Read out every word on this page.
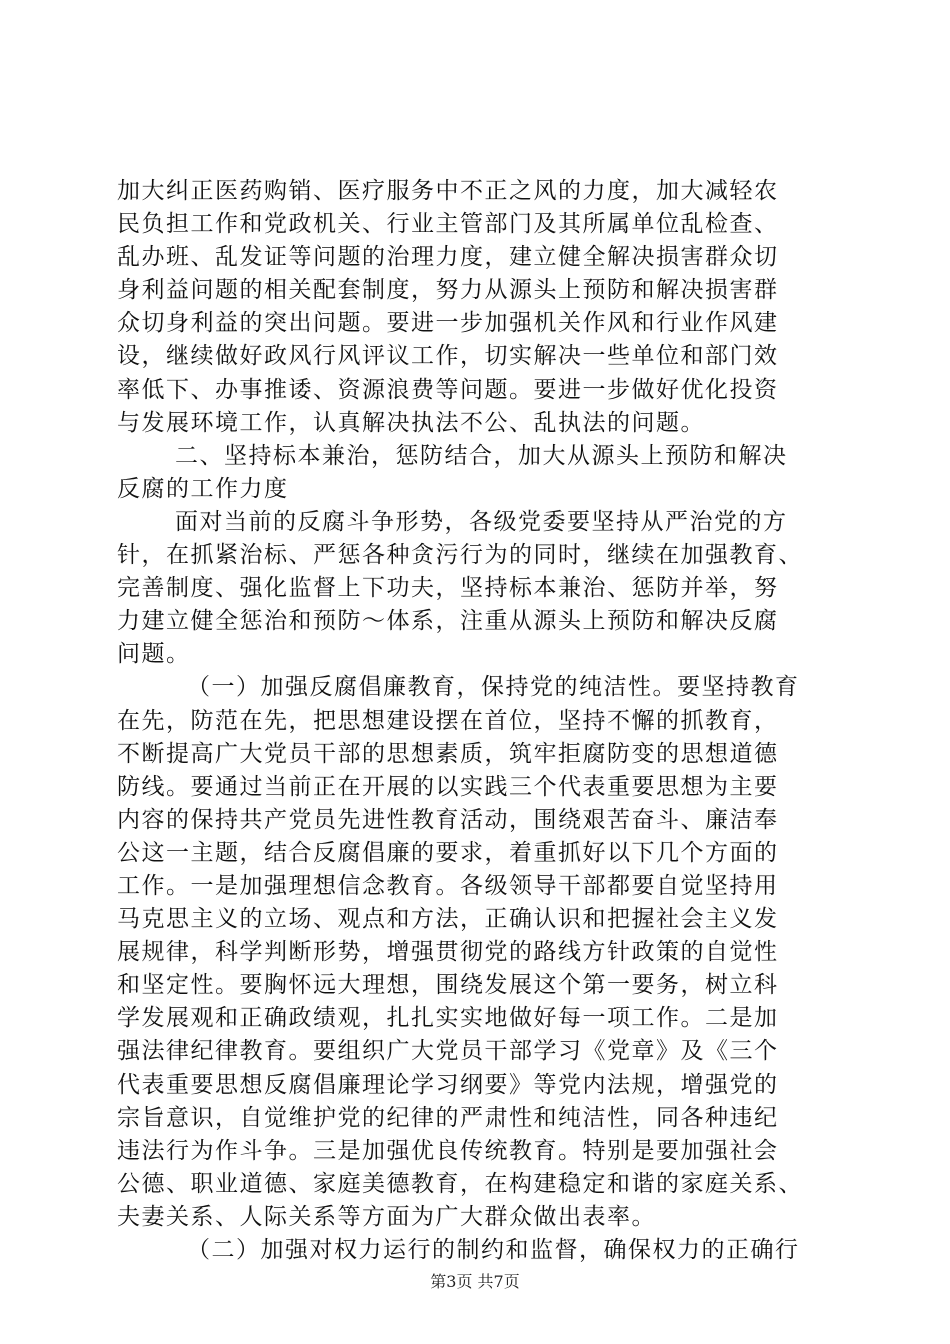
加大纠正医药购销、医疗服务中不正之风的力度，加大减轻农
民负担工作和党政机关、行业主管部门及其所属单位乱检查、
乱办班、乱发证等问题的治理力度，建立健全解决损害群众切
身利益问题的相关配套制度，努力从源头上预防和解决损害群
众切身利益的突出问题。要进一步加强机关作风和行业作风建
设，继续做好政风行风评议工作，切实解决一些单位和部门效
率低下、办事推诿、资源浪费等问题。要进一步做好优化投资
与发展环境工作，认真解决执法不公、乱执法的问题。
二、坚持标本兼治，惩防结合，加大从源头上预防和解决
反腐的工作力度
面对当前的反腐斗争形势，各级党委要坚持从严治党的方
针，在抓紧治标、严惩各种贪污行为的同时，继续在加强教育、
完善制度、强化监督上下功夫，坚持标本兼治、惩防并举，努
力建立健全惩治和预防～体系，注重从源头上预防和解决反腐
问题。
（一）加强反腐倡廉教育，保持党的纯洁性。要坚持教育
在先，防范在先，把思想建设摆在首位，坚持不懈的抓教育，
不断提高广大党员干部的思想素质，筑牢拒腐防变的思想道德
防线。要通过当前正在开展的以实践三个代表重要思想为主要
内容的保持共产党员先进性教育活动，围绕艰苦奋斗、廉洁奉
公这一主题，结合反腐倡廉的要求，着重抓好以下几个方面的
工作。一是加强理想信念教育。各级领导干部都要自觉坚持用
马克思主义的立场、观点和方法，正确认识和把握社会主义发
展规律，科学判断形势，增强贯彻党的路线方针政策的自觉性
和坚定性。要胸怀远大理想，围绕发展这个第一要务，树立科
学发展观和正确政绩观，扎扎实实地做好每一项工作。二是加
强法律纪律教育。要组织广大党员干部学习《党章》及《三个
代表重要思想反腐倡廉理论学习纲要》等党内法规，增强党的
宗旨意识，自觉维护党的纪律的严肃性和纯洁性，同各种违纪
违法行为作斗争。三是加强优良传统教育。特别是要加强社会
公德、职业道德、家庭美德教育，在构建稳定和谐的家庭关系、
夫妻关系、人际关系等方面为广大群众做出表率。
（二）加强对权力运行的制约和监督，确保权力的正确行
第3页 共7页
